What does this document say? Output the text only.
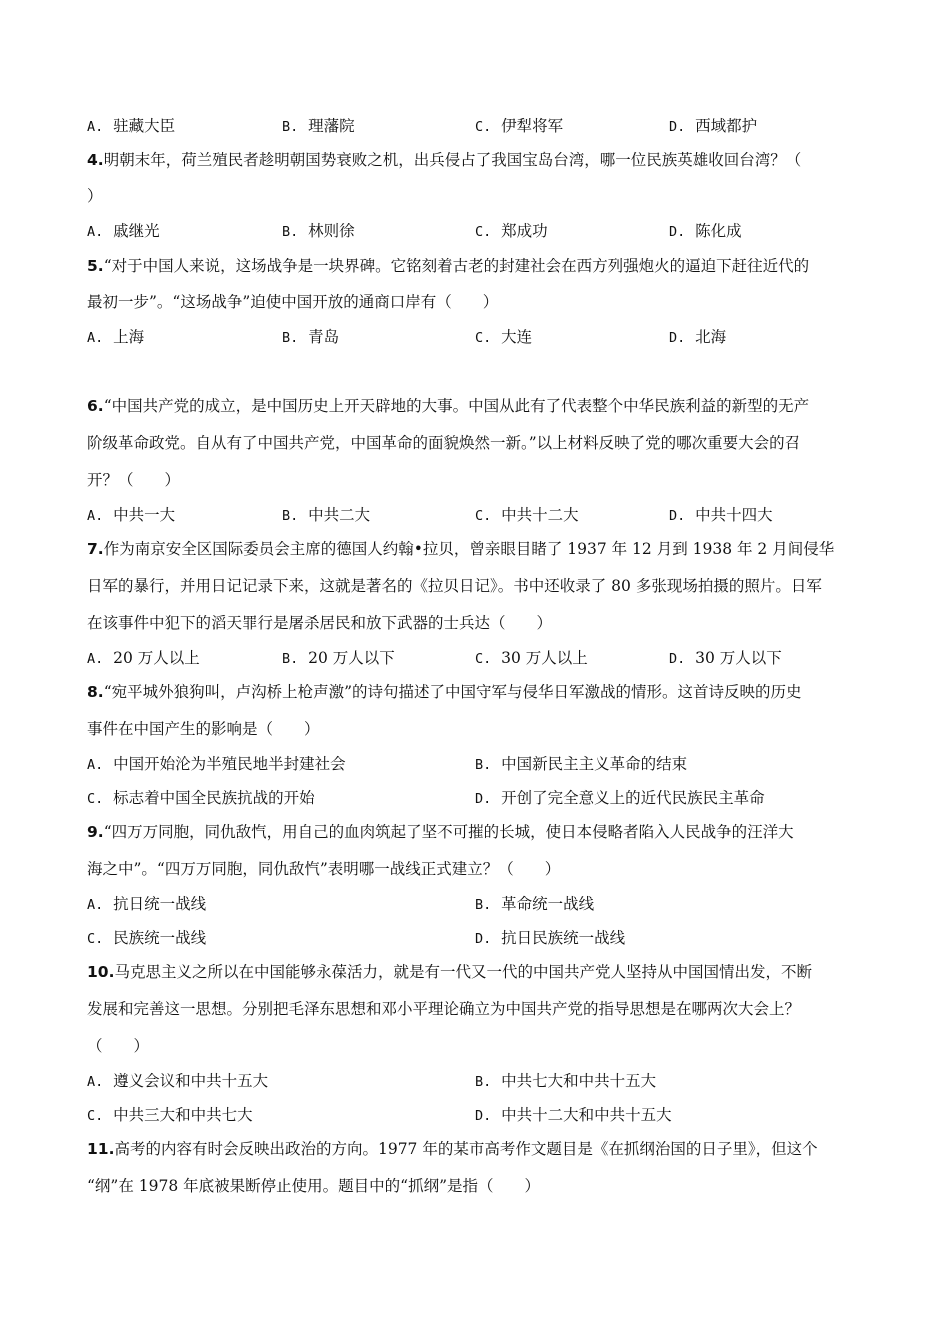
A. 驻藏大臣	B. 理藩院	C. 伊犁将军	D. 西域都护
4.明朝末年，荷兰殖民者趁明朝国势衰败之机，出兵侵占了我国宝岛台湾，哪一位民族英雄收回台湾？（
）
A. 戚继光	B. 林则徐	C. 郑成功	D. 陈化成
5.“对于中国人来说，这场战争是一块界碑。它铭刻着古老的封建社会在西方列强炮火的逼迫下赶往近代的
最初一步”。“这场战争”迫使中国开放的通商口岸有（　　）
A. 上海	B. 青岛	C. 大连	D. 北海
6.“中国共产党的成立，是中国历史上开天辟地的大事。中国从此有了代表整个中华民族利益的新型的无产
阶级革命政党。自从有了中国共产党，中国革命的面貌焕然一新。”以上材料反映了党的哪次重要大会的召
开？（　　）
A. 中共一大	B. 中共二大	C. 中共十二大	D. 中共十四大
7.作为南京安全区国际委员会主席的德国人约翰•拉贝，曾亲眼目睹了 1937 年 12 月到 1938 年 2 月间侵华
日军的暴行，并用日记记录下来，这就是著名的《拉贝日记》。书中还收录了 80 多张现场拍摄的照片。日军
在该事件中犯下的滔天罪行是屠杀居民和放下武器的士兵达（　　）
A. 20 万人以上	B. 20 万人以下	C. 30 万人以上	D. 30 万人以下
8.“宛平城外狼狗叫，卢沟桥上枪声激”的诗句描述了中国守军与侵华日军激战的情形。这首诗反映的历史
事件在中国产生的影响是（　　）
A. 中国开始沦为半殖民地半封建社会	B. 中国新民主主义革命的结束
C. 标志着中国全民族抗战的开始	D. 开创了完全意义上的近代民族民主革命
9.“四万万同胞，同仇敌忾，用自己的血肉筑起了坚不可摧的长城，使日本侵略者陷入人民战争的汪洋大
海之中”。“四万万同胞，同仇敌忾”表明哪一战线正式建立？（　　）
A. 抗日统一战线	B. 革命统一战线
C. 民族统一战线	D. 抗日民族统一战线
10.马克思主义之所以在中国能够永葆活力，就是有一代又一代的中国共产党人坚持从中国国情出发，不断
发展和完善这一思想。分别把毛泽东思想和邓小平理论确立为中国共产党的指导思想是在哪两次大会上？
（　　）
A. 遵义会议和中共十五大	B. 中共七大和中共十五大
C. 中共三大和中共七大	D. 中共十二大和中共十五大
11.高考的内容有时会反映出政治的方向。1977 年的某市高考作文题目是《在抓纲治国的日子里》，但这个
“纲”在 1978 年底被果断停止使用。题目中的“抓纲”是指（　　）
